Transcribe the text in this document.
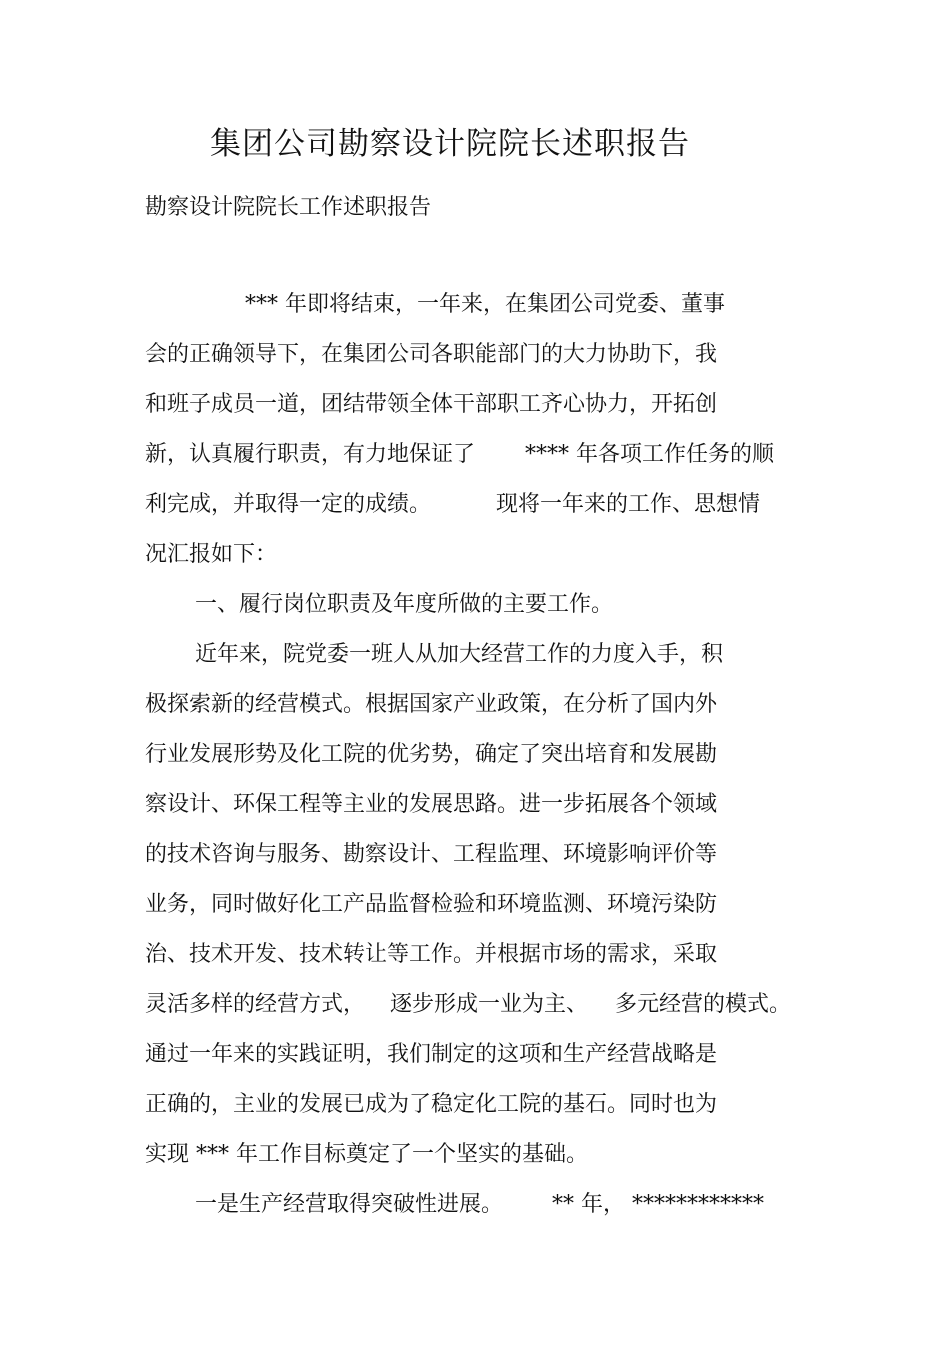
集团公司勘察设计院院长述职报告
勘察设计院院长工作述职报告
*** 年即将结束，一年来，在集团公司党委、董事
会的正确领导下，在集团公司各职能部门的大力协助下，我
和班子成员一道，团结带领全体干部职工齐心协力，开拓创
新，认真履行职责，有力地保证了 **** 年各项工作任务的顺
利完成，并取得一定的成绩。	现将一年来的工作、思想情
况汇报如下：
一、履行岗位职责及年度所做的主要工作。
近年来，院党委一班人从加大经营工作的力度入手，积
极探索新的经营模式。根据国家产业政策，在分析了国内外
行业发展形势及化工院的优劣势，确定了突出培育和发展勘
察设计、环保工程等主业的发展思路。进一步拓展各个领域
的技术咨询与服务、勘察设计、工程监理、环境影响评价等
业务，同时做好化工产品监督检验和环境监测、环境污染防
治、技术开发、技术转让等工作。并根据市场的需求，采取
灵活多样的经营方式， 逐步形成一业为主、 多元经营的模式。
通过一年来的实践证明，我们制定的这项和生产经营战略是
正确的，主业的发展已成为了稳定化工院的基石。同时也为
实现 *** 年工作目标奠定了一个坚实的基础。
一是生产经营取得突破性进展。 ** 年， ************
